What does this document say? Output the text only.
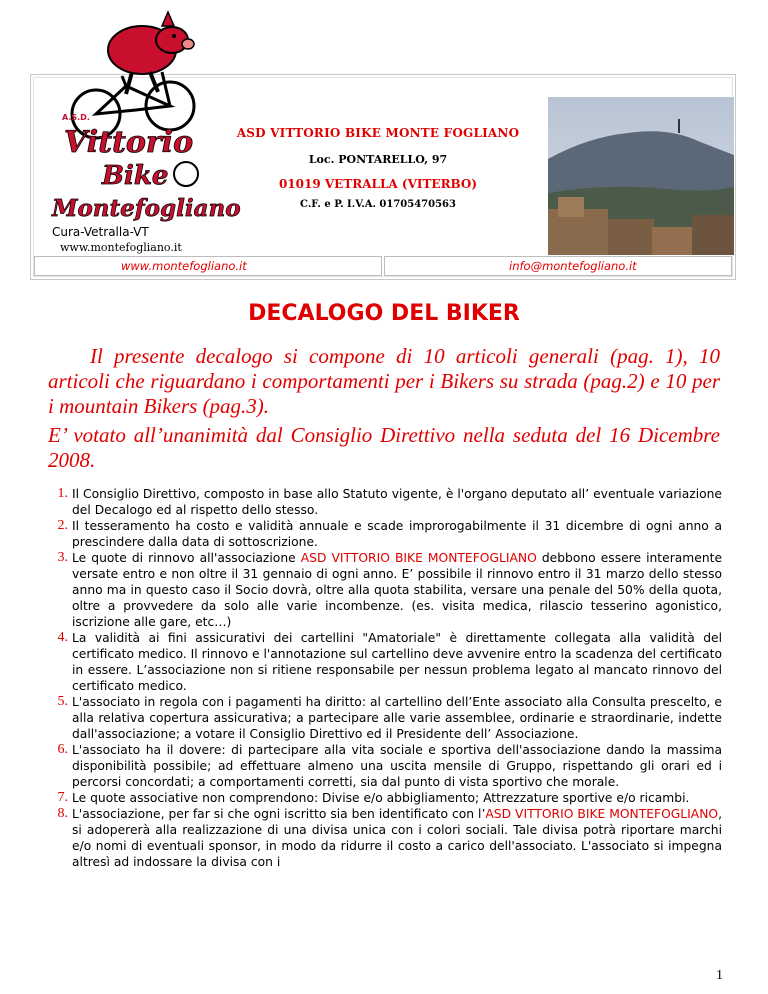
A.S.D.
Vittorio
Bike
Montefogliano
Cura-Vetralla-VT
www.montefogliano.it
ASD VITTORIO BIKE MONTE FOGLIANO
Loc. PONTARELLO, 97
01019 VETRALLA (VITERBO)
C.F. e P. I.V.A. 01705470563
www.montefogliano.it	info@montefogliano.it
DECALOGO DEL BIKER
Il presente decalogo si compone di 10 articoli generali (pag. 1), 10 articoli che riguardano i comportamenti per i Bikers su strada (pag.2) e 10 per i mountain Bikers (pag.3).
E’ votato all’unanimità dal Consiglio Direttivo nella seduta del 16 Dicembre 2008.
1. Il Consiglio Direttivo, composto in base allo Statuto vigente, è l'organo deputato all’ eventuale variazione del Decalogo ed al rispetto dello stesso.
2. Il tesseramento ha costo e validità annuale e scade improrogabilmente il 31 dicembre di ogni anno a prescindere dalla data di sottoscrizione.
3. Le quote di rinnovo all'associazione ASD VITTORIO BIKE MONTEFOGLIANO debbono essere interamente versate entro e non oltre il 31 gennaio di ogni anno. E’ possibile il rinnovo entro il 31 marzo dello stesso anno ma in questo caso il Socio dovrà, oltre alla quota stabilita, versare una penale del 50% della quota, oltre a provvedere da solo alle varie incombenze. (es. visita medica, rilascio tesserino agonistico, iscrizione alle gare, etc…)
4. La validità ai fini assicurativi dei cartellini "Amatoriale" è direttamente collegata alla validità del certificato medico. Il rinnovo e l'annotazione sul cartellino deve avvenire entro la scadenza del certificato in essere. L’associazione non si ritiene responsabile per nessun problema legato al mancato rinnovo del certificato medico.
5. L'associato in regola con i pagamenti ha diritto: al cartellino dell’Ente associato alla Consulta prescelto, e alla relativa copertura assicurativa; a partecipare alle varie assemblee, ordinarie e straordinarie, indette dall'associazione; a votare il Consiglio Direttivo ed il Presidente dell’ Associazione.
6. L'associato ha il dovere: di partecipare alla vita sociale e sportiva dell'associazione dando la massima disponibilità possibile; ad effettuare almeno una uscita mensile di Gruppo, rispettando gli orari ed i percorsi concordati; a comportamenti corretti, sia dal punto di vista sportivo che morale.
7. Le quote associative non comprendono: Divise e/o abbigliamento; Attrezzature sportive e/o ricambi.
8. L'associazione, per far si che ogni iscritto sia ben identificato con l’ASD VITTORIO BIKE MONTEFOGLIANO, si adopererà alla realizzazione di una divisa unica con i colori sociali. Tale divisa potrà riportare marchi e/o nomi di eventuali sponsor, in modo da ridurre il costo a carico dell'associato. L'associato si impegna altresì ad indossare la divisa con i
1
